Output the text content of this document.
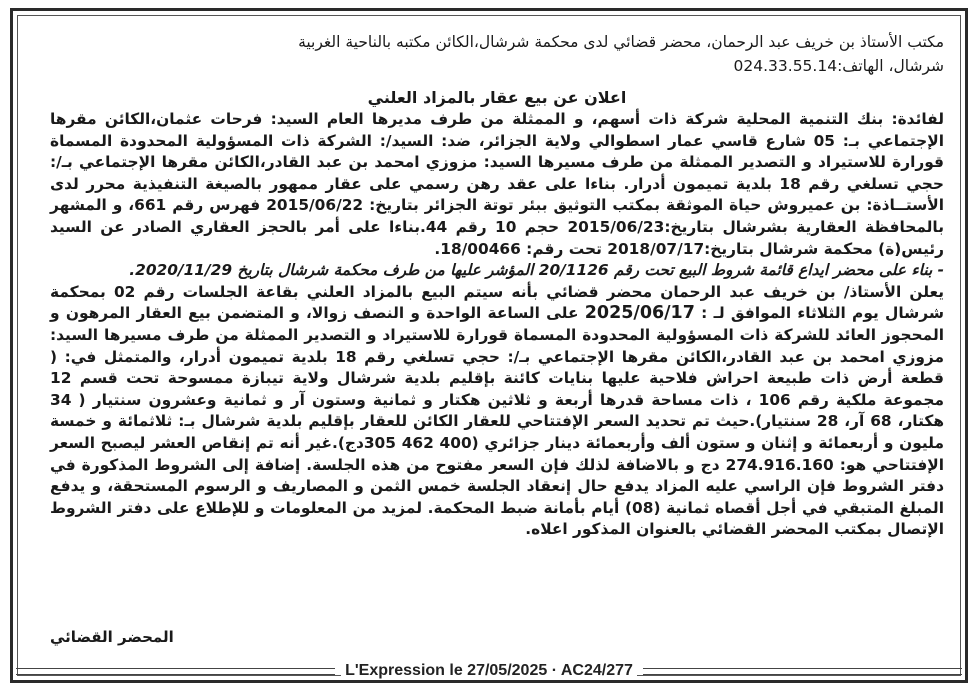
مكتب الأستاذ بن خريف عبد الرحمان، محضر قضائي لدى محكمة شرشال،الكائن مكتبه بالناحية الغربية
شرشال، الهاتف:024.33.55.14
اعلان عن بيع عقار بالمزاد العلني

لفائدة: بنك التنمية المحلية شركة ذات أسهم، و الممثلة من طرف مديرها العام السيد: فرحات عثمان،الكائن مقرها الإجتماعي بـ: 05 شارع قاسي عمار اسطوالي ولاية الجزائر، ضد: السيد/: الشركة ذات المسؤولية المحدودة المسماة قورارة للاستيراد و التصدير الممثلة من طرف مسيرها السيد: مزوزي امحمد بن عبد القادر،الكائن مقرها الإجتماعي بـ/: حجي تسلغي رقم 18 بلدية تميمون أدرار. بناءا على عقد رهن رسمي على عقار ممهور بالصيغة التنفيذية محرر لدى الأستــاذة: بن عميروش حياة الموثقة بمكتب التوثيق ببئر توتة الجزائر بتاريخ: 2015/06/22 فهرس رقم 661، و المشهر بالمحافظة العقارية بشرشال بتاريخ:2015/06/23 حجم 10 رقم 44.بناءا على أمر بالحجز العقاري الصادر عن السيد رئيس(ة) محكمة شرشال بتاريخ:2018/07/17 تحت رقم: 18/00466.

- بناء على محضر ايداع قائمة شروط البيع تحت رقم 20/1126 المؤشر عليها من طرف محكمة شرشال بتاريخ 2020/11/29.

يعلن الأستاذ/ بن خريف عبد الرحمان محضر قضائي بأنه سيتم البيع بالمزاد العلني بقاعة الجلسات رقم 02 بمحكمة شرشال يوم الثلاثاء الموافق لـ : 2025/06/17 على الساعة الواحدة و النصف زوالا، و المتضمن بيع العقار المرهون و المحجوز العائد للشركة ذات المسؤولية المحدودة المسماة قورارة للاستيراد و التصدير الممثلة من طرف مسيرها السيد: مزوزي امحمد بن عبد القادر،الكائن مقرها الإجتماعي بـ/: حجي تسلغي رقم 18 بلدية تميمون أدرار، والمتمثل في: ( قطعة أرض ذات طبيعة احراش فلاحية عليها بنايات كائنة بإقليم بلدية شرشال ولاية تيبازة ممسوحة تحت قسم 12 مجموعة ملكية رقم 106 ، ذات مساحة قدرها أربعة و ثلاثين هكتار و ثمانية وستون آر و ثمانية وعشرون سنتيار ( 34 هكتار، 68 آر، 28 سنتيار).حيث تم تحديد السعر الإفتتاحي للعقار الكائن للعقار بإقليم بلدية شرشال بـ: ثلاثمائة و خمسة مليون و أربعمائة و إثنان و ستون ألف وأربعمائة دينار جزائري (400 462 305دج).غير أنه تم إنقاص العشر ليصبح السعر الإفتتاحي هو: 274.916.160 دج و بالاضافة لذلك فإن السعر مفتوح من هذه الجلسة. إضافة إلى الشروط المذكورة في دفتر الشروط فإن الراسي عليه المزاد يدفع حال إنعقاد الجلسة خمس الثمن و المصاريف و الرسوم المستحقة، و يدفع المبلغ المتبقي في أجل أقصاه ثمانية (08) أيام بأمانة ضبط المحكمة. لمزيد من المعلومات و للإطلاع على دفتر الشروط الإتصال بمكتب المحضر القضائي بالعنوان المذكور اعلاه.

المحضر القضائي
L'Expression le 27/05/2025 · AC24/277
